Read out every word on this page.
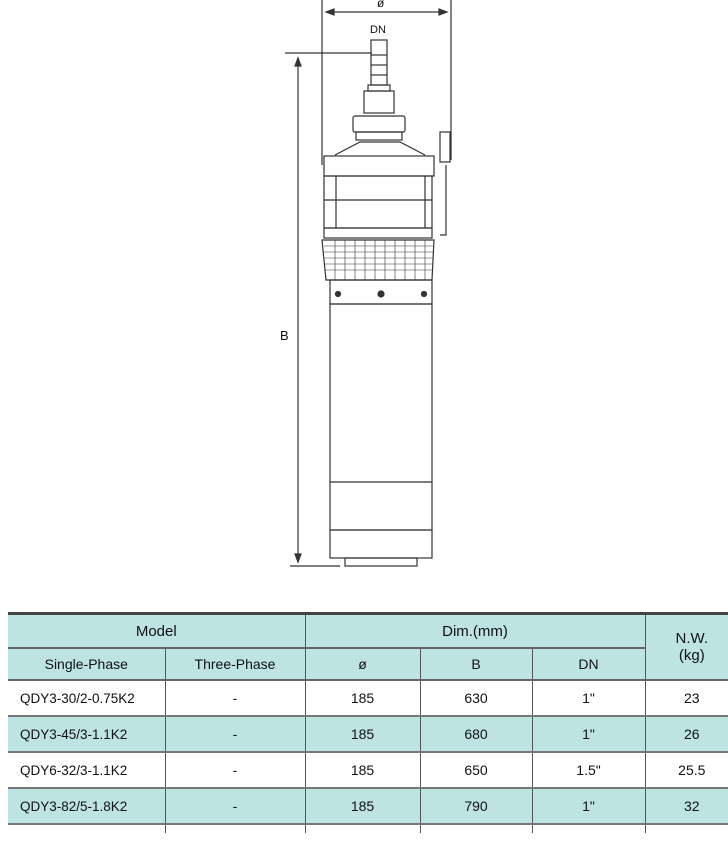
ø
DN
B
Model		Dim.(mm)			N.W.
(kg)
Single-Phase	Three-Phase	ø	B	DN	
QDY3-30/2-0.75K2	-	185	630	1"	23
QDY3-45/3-1.1K2	-	185	680	1"	26
QDY6-32/3-1.1K2	-	185	650	1.5"	25.5
QDY3-82/5-1.8K2	-	185	790	1"	32
